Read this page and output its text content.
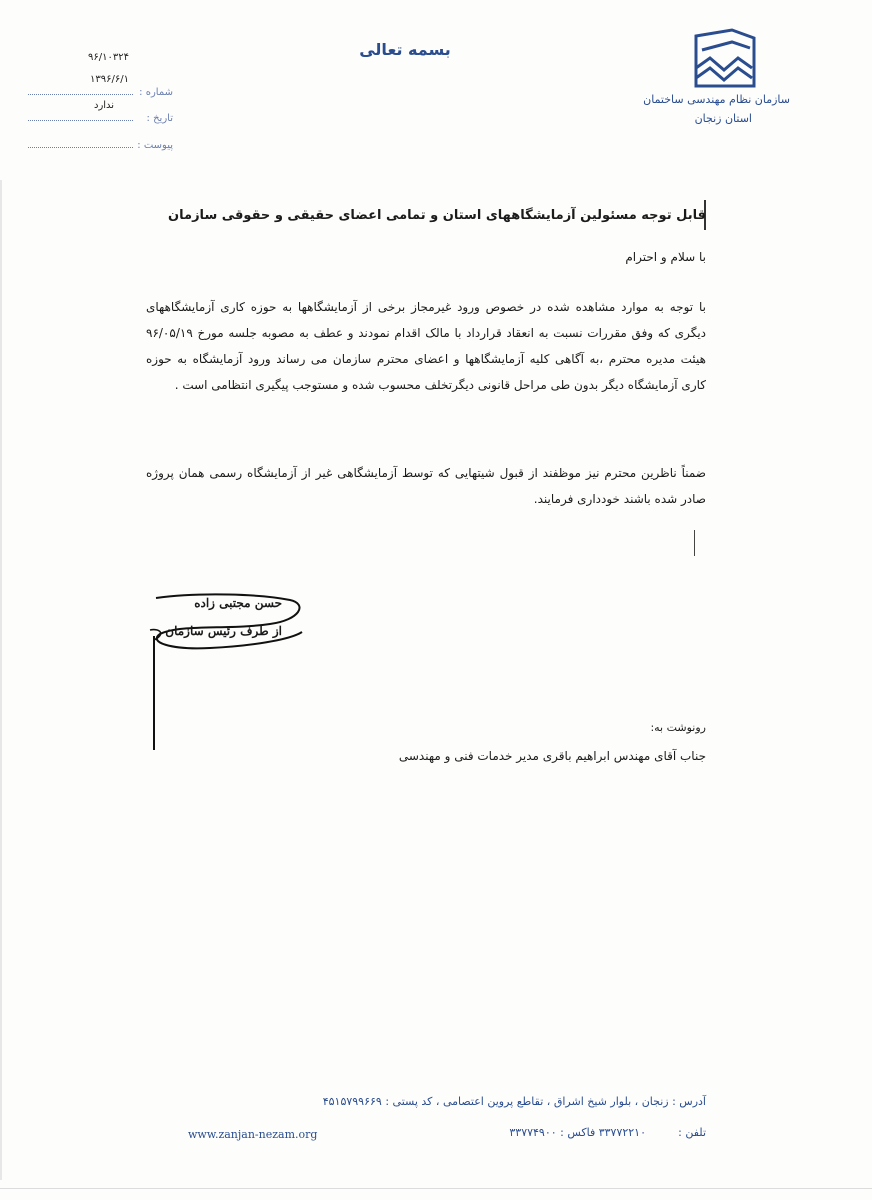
سازمان نظام مهندسی ساختمان
استان زنجان
بسمه تعالی
۹۶/۱۰۳۲۴
شماره :
۱۳۹۶/۶/۱
ندارد
تاریخ :
پیوست :
قابل توجه مسئولین آزمایشگاههای استان و تمامی اعضای حقیقی و حقوقی سازمان
با سلام و احترام
با توجه به موارد مشاهده شده در خصوص ورود غیرمجاز برخی از آزمایشگاهها به حوزه کاری آزمایشگاههای دیگری که وفق مقررات نسبت به انعقاد قرارداد با مالک اقدام نمودند و عطف به مصوبه جلسه مورخ ۹۶/۰۵/۱۹ هیئت مدیره محترم ،به آگاهی کلیه آزمایشگاهها و اعضای محترم سازمان می رساند ورود آزمایشگاه به حوزه کاری آزمایشگاه دیگر بدون طی مراحل قانونی دیگرتخلف محسوب شده و مستوجب پیگیری انتظامی است .
ضمناً ناظرین محترم نیز موظفند از قبول شیتهایی که توسط آزمایشگاهی غیر از آزمایشگاه رسمی همان پروژه صادر شده باشند خودداری فرمایند.
حسن مجتبی زاده
از طرف رئیس سازمان
رونوشت به:
جناب آقای مهندس ابراهیم باقری مدیر خدمات فنی و مهندسی
آدرس : زنجان ، بلوار شیخ اشراق ، تقاطع پروین اعتصامی ، کد پستی : ۴۵۱۵۷۹۹۶۶۹
تلفن :
۳۳۷۷۲۲۱۰ فاکس : ۳۳۷۷۴۹۰۰
www.zanjan-nezam.org
